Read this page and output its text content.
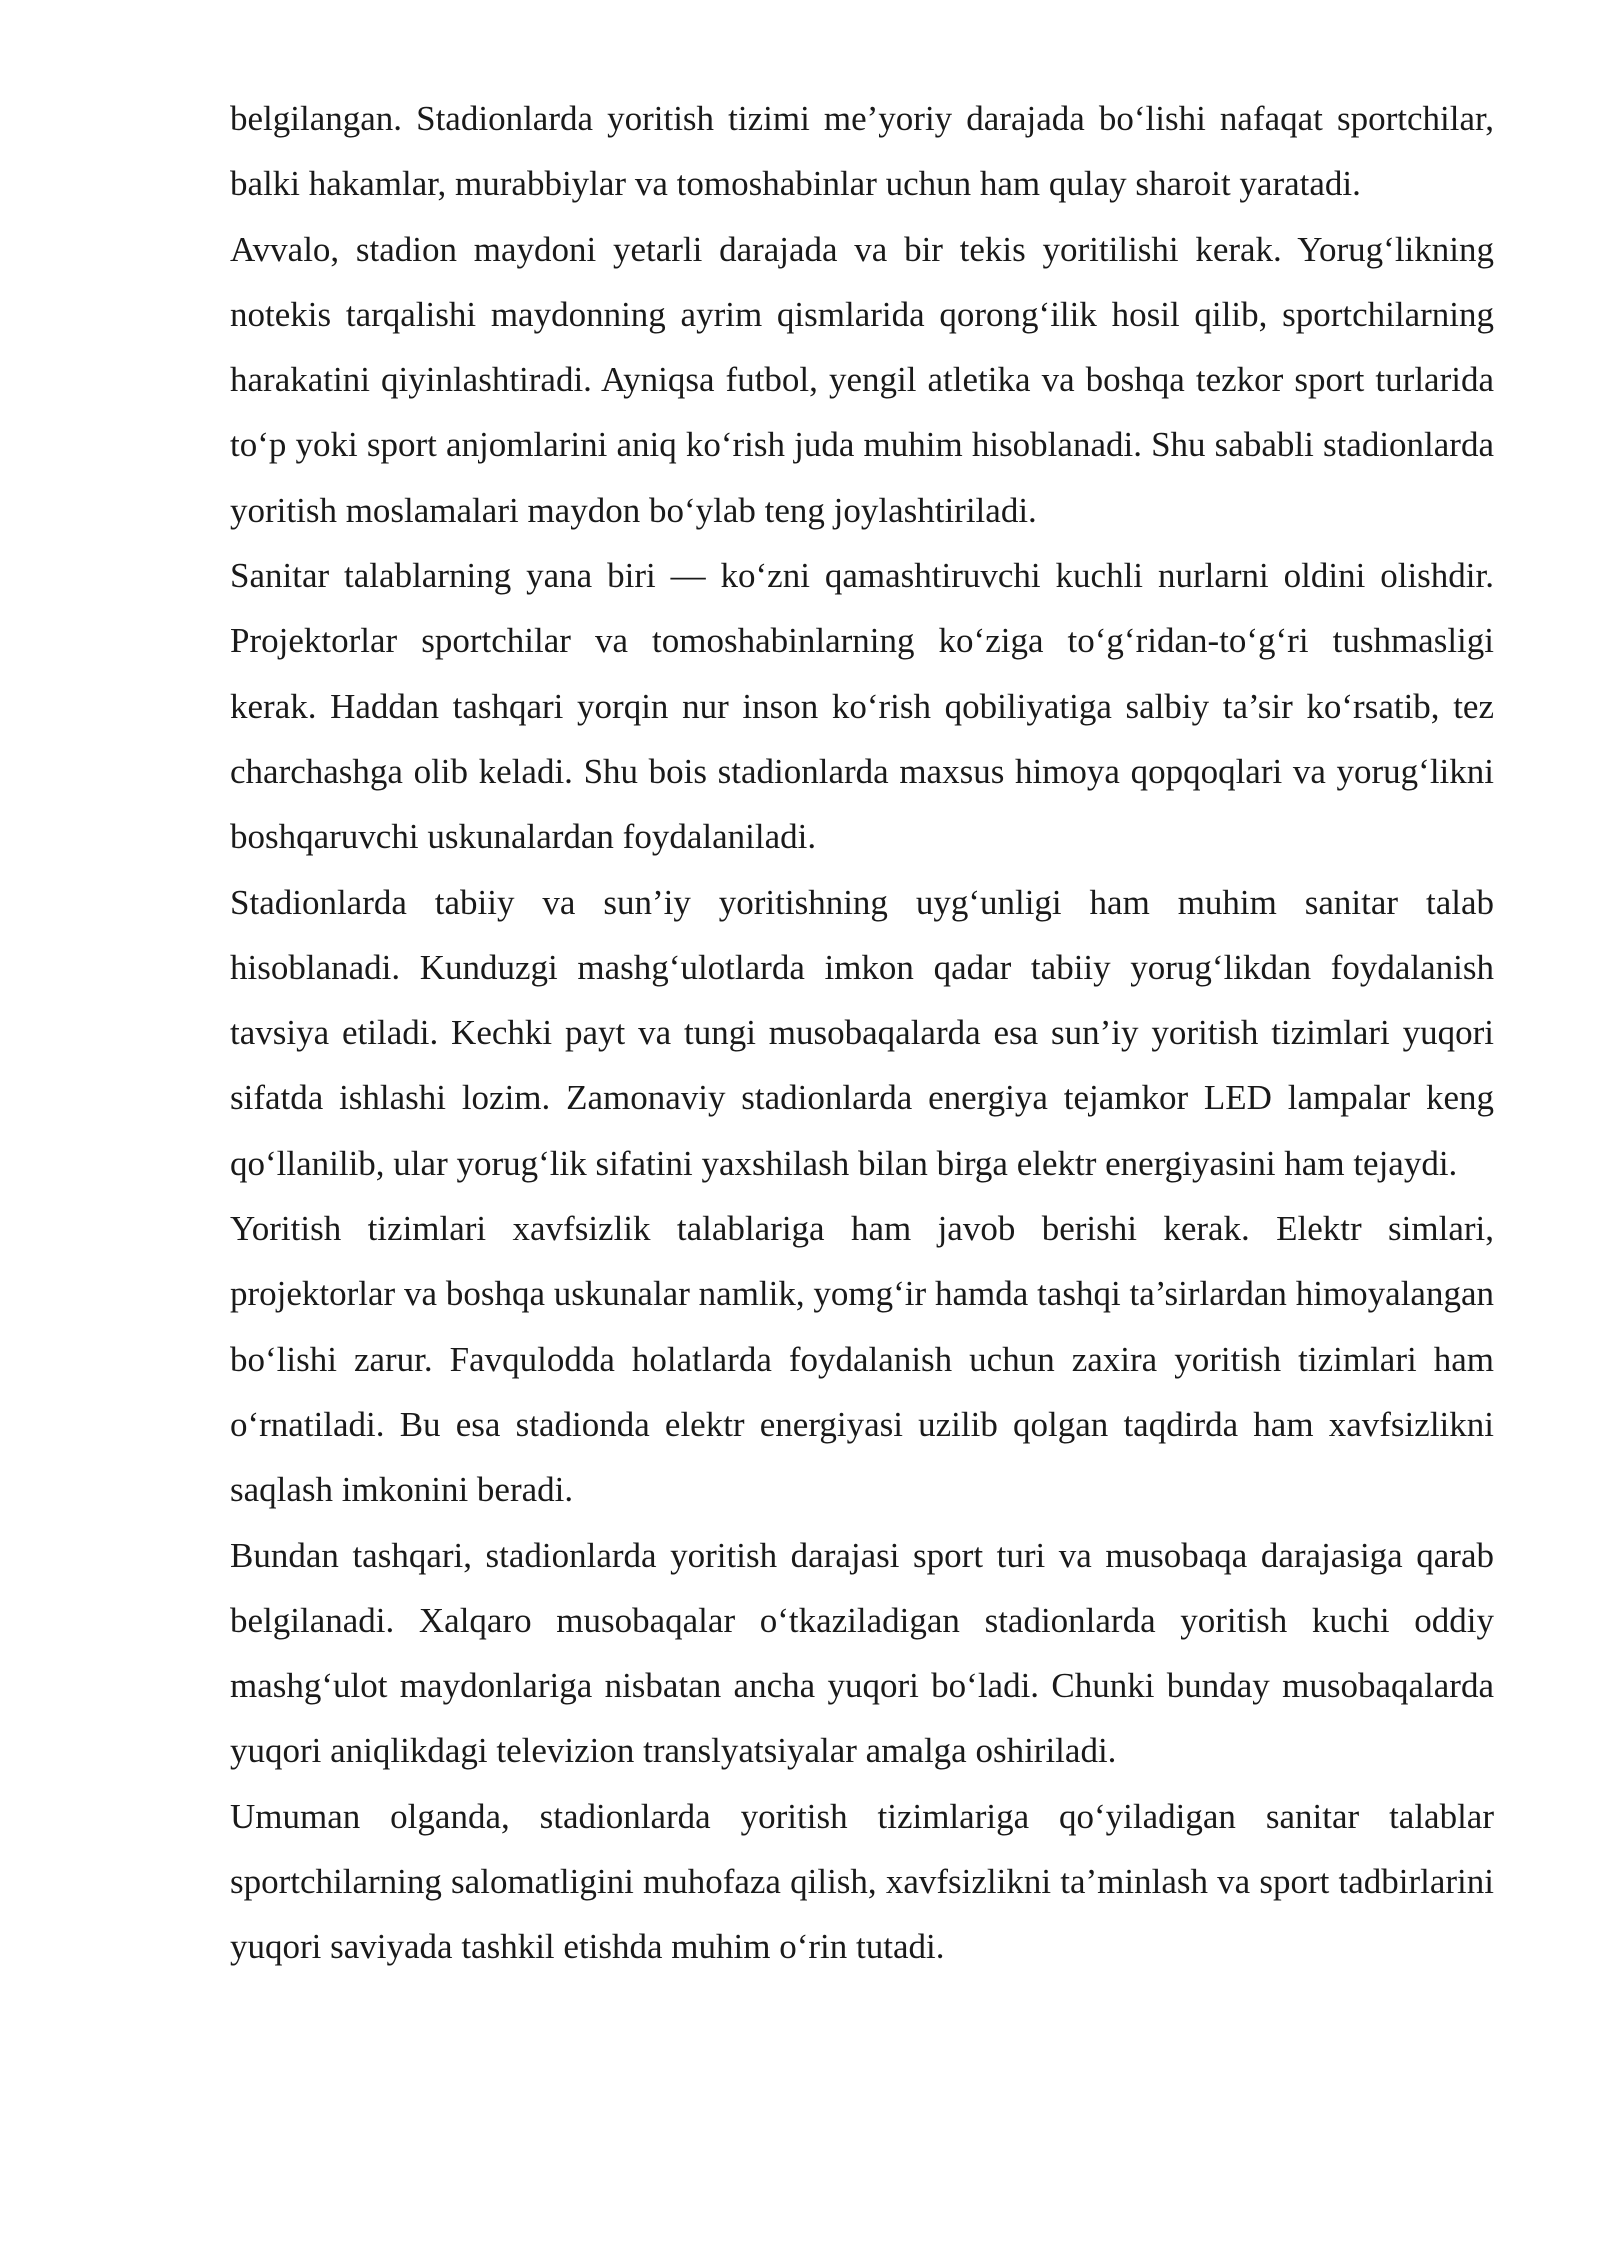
belgilangan. Stadionlarda yoritish tizimi me’yoriy darajada bo‘lishi nafaqat sportchilar, balki hakamlar, murabbiylar va tomoshabinlar uchun ham qulay sharoit yaratadi.

Avvalo, stadion maydoni yetarli darajada va bir tekis yoritilishi kerak. Yorug‘likning notekis tarqalishi maydonning ayrim qismlarida qorong‘ilik hosil qilib, sportchilarning harakatini qiyinlashtiradi. Ayniqsa futbol, yengil atletika va boshqa tezkor sport turlarida to‘p yoki sport anjomlarini aniq ko‘rish juda muhim hisoblanadi. Shu sababli stadionlarda yoritish moslamalari maydon bo‘ylab teng joylashtiriladi.

Sanitar talablarning yana biri — ko‘zni qamashtiruvchi kuchli nurlarni oldini olishdir. Projektorlar sportchilar va tomoshabinlarning ko‘ziga to‘g‘ridan-to‘g‘ri tushmasligi kerak. Haddan tashqari yorqin nur inson ko‘rish qobiliyatiga salbiy ta’sir ko‘rsatib, tez charchashga olib keladi. Shu bois stadionlarda maxsus himoya qopqoqlari va yorug‘likni boshqaruvchi uskunalardan foydalaniladi.

Stadionlarda tabiiy va sun’iy yoritishning uyg‘unligi ham muhim sanitar talab hisoblanadi. Kunduzgi mashg‘ulotlarda imkon qadar tabiiy yorug‘likdan foydalanish tavsiya etiladi. Kechki payt va tungi musobaqalarda esa sun’iy yoritish tizimlari yuqori sifatda ishlashi lozim. Zamonaviy stadionlarda energiya tejamkor LED lampalar keng qo‘llanilib, ular yorug‘lik sifatini yaxshilash bilan birga elektr energiyasini ham tejaydi.

Yoritish tizimlari xavfsizlik talablariga ham javob berishi kerak. Elektr simlari, projektorlar va boshqa uskunalar namlik, yomg‘ir hamda tashqi ta’sirlardan himoyalangan bo‘lishi zarur. Favqulodda holatlarda foydalanish uchun zaxira yoritish tizimlari ham o‘rnatiladi. Bu esa stadionda elektr energiyasi uzilib qolgan taqdirda ham xavfsizlikni saqlash imkonini beradi.

Bundan tashqari, stadionlarda yoritish darajasi sport turi va musobaqa darajasiga qarab belgilanadi. Xalqaro musobaqalar o‘tkaziladigan stadionlarda yoritish kuchi oddiy mashg‘ulot maydonlariga nisbatan ancha yuqori bo‘ladi. Chunki bunday musobaqalarda yuqori aniqlikdagi televizion translyatsiyalar amalga oshiriladi.

Umuman olganda, stadionlarda yoritish tizimlariga qo‘yiladigan sanitar talablar sportchilarning salomatligini muhofaza qilish, xavfsizlikni ta’minlash va sport tadbirlarini yuqori saviyada tashkil etishda muhim o‘rin tutadi.
